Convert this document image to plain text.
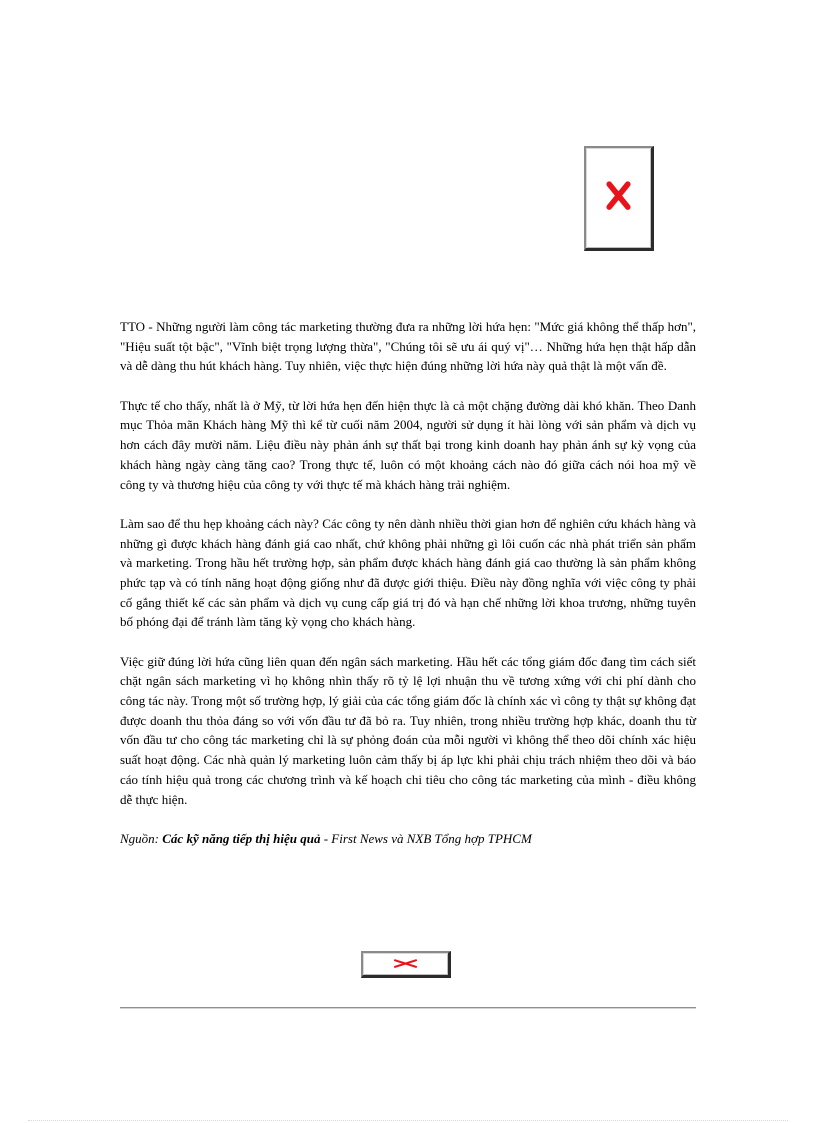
TTO - Những người làm công tác marketing thường đưa ra những lời hứa hẹn: "Mức giá không thể thấp hơn", "Hiệu suất tột bậc", "Vĩnh biệt trọng lượng thừa", "Chúng tôi sẽ ưu ái quý vị"… Những hứa hẹn thật hấp dẫn và dễ dàng thu hút khách hàng. Tuy nhiên, việc thực hiện đúng những lời hứa này quả thật là một vấn đề.

Thực tế cho thấy, nhất là ở Mỹ, từ lời hứa hẹn đến hiện thực là cả một chặng đường dài khó khăn. Theo Danh mục Thỏa mãn Khách hàng Mỹ thì kể từ cuối năm 2004, người sử dụng ít hài lòng với sản phẩm và dịch vụ hơn cách đây mười năm. Liệu điều này phản ánh sự thất bại trong kinh doanh hay phản ánh sự kỳ vọng của khách hàng ngày càng tăng cao? Trong thực tế, luôn có một khoảng cách nào đó giữa cách nói hoa mỹ về công ty và thương hiệu của công ty với thực tế mà khách hàng trải nghiệm.

Làm sao để thu hẹp khoảng cách này? Các công ty nên dành nhiều thời gian hơn để nghiên cứu khách hàng và những gì được khách hàng đánh giá cao nhất, chứ không phải những gì lôi cuốn các nhà phát triển sản phẩm và marketing. Trong hầu hết trường hợp, sản phẩm được khách hàng đánh giá cao thường là sản phẩm không phức tạp và có tính năng hoạt động giống như đã được giới thiệu. Điều này đồng nghĩa với việc công ty phải cố gắng thiết kế các sản phẩm và dịch vụ cung cấp giá trị đó và hạn chế những lời khoa trương, những tuyên bố phóng đại để tránh làm tăng kỳ vọng cho khách hàng.

Việc giữ đúng lời hứa cũng liên quan đến ngân sách marketing. Hầu hết các tổng giám đốc đang tìm cách siết chặt ngân sách marketing vì họ không nhìn thấy rõ tỷ lệ lợi nhuận thu về tương xứng với chi phí dành cho công tác này. Trong một số trường hợp, lý giải của các tổng giám đốc là chính xác vì công ty thật sự không đạt được doanh thu thỏa đáng so với vốn đầu tư đã bỏ ra. Tuy nhiên, trong nhiều trường hợp khác, doanh thu từ vốn đầu tư cho công tác marketing chỉ là sự phỏng đoán của mỗi người vì không thể theo dõi chính xác hiệu suất hoạt động. Các nhà quản lý marketing luôn cảm thấy bị áp lực khi phải chịu trách nhiệm theo dõi và báo cáo tính hiệu quả trong các chương trình và kế hoạch chi tiêu cho công tác marketing của mình - điều không dễ thực hiện.

Nguồn: Các kỹ năng tiếp thị hiệu quả - First News và NXB Tổng hợp TPHCM
